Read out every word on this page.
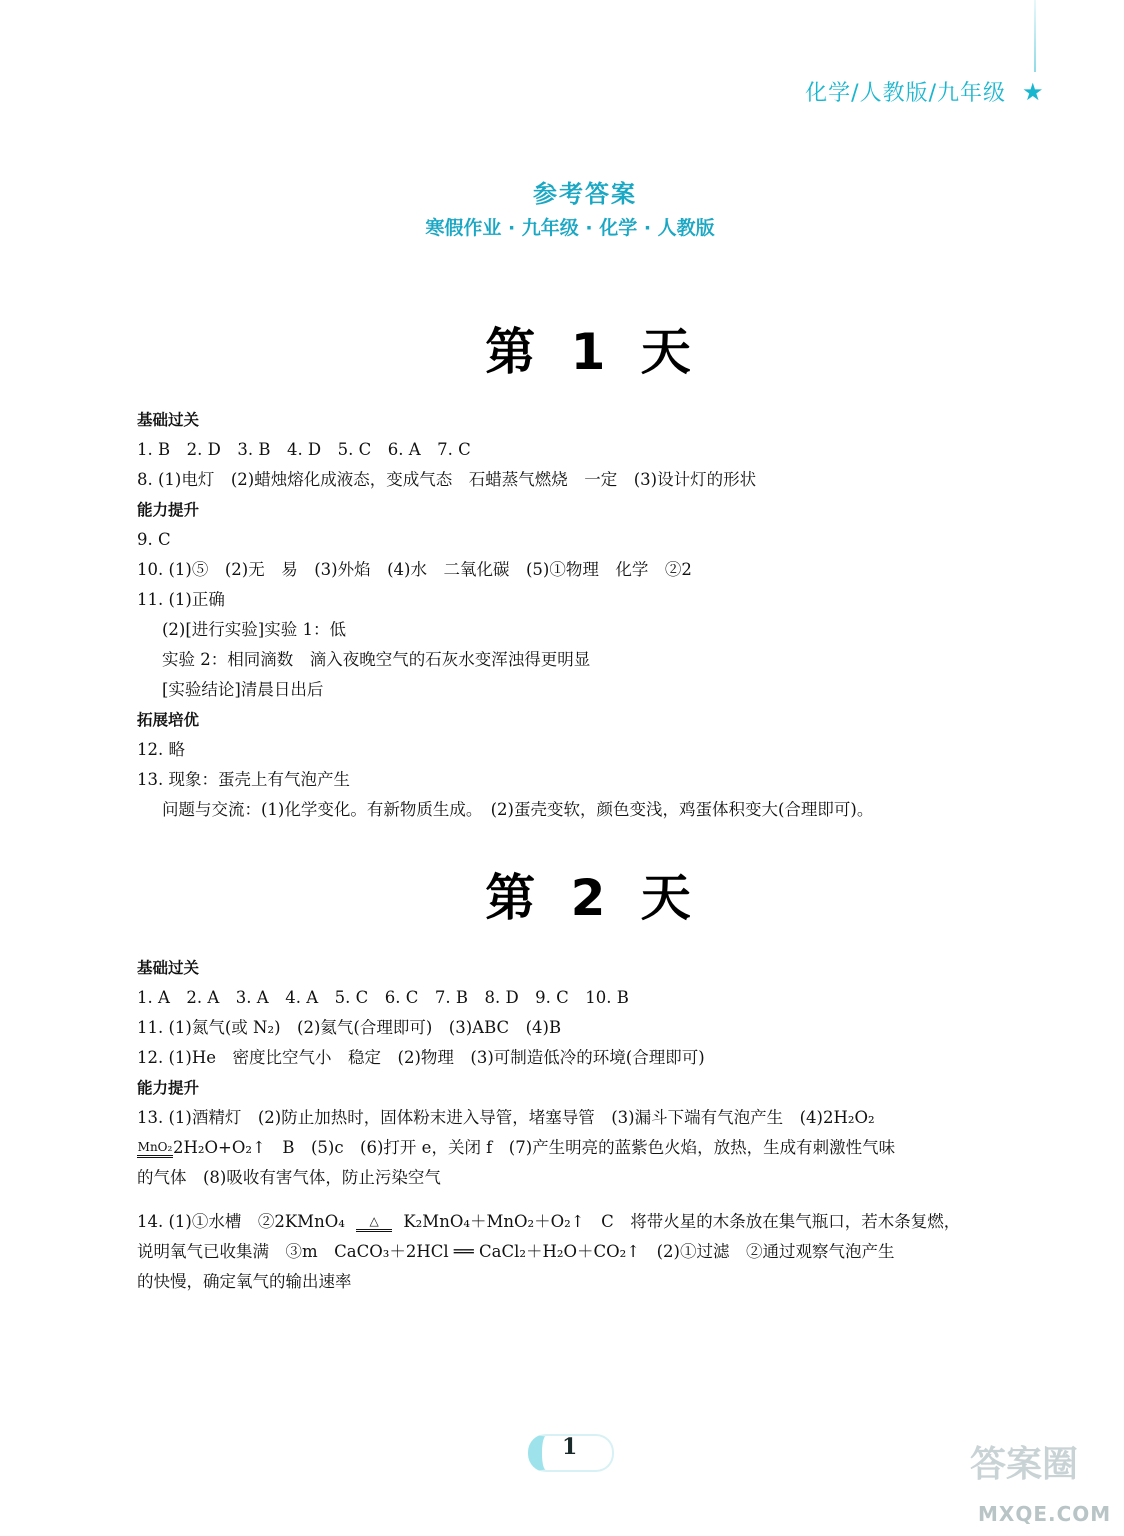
化学/人教版/九年级 ★
参考答案
寒假作业 · 九年级 · 化学 · 人教版
第 1 天
基础过关
1. B　2. D　3. B　4. D　5. C　6. A　7. C
8. (1)电灯　(2)蜡烛熔化成液态，变成气态　石蜡蒸气燃烧　一定　(3)设计灯的形状
能力提升
9. C
10. (1)⑤　(2)无　易　(3)外焰　(4)水　二氧化碳　(5)①物理　化学　②2
11. (1)正确
(2)[进行实验]实验 1：低
实验 2：相同滴数　滴入夜晚空气的石灰水变浑浊得更明显
[实验结论]清晨日出后
拓展培优
12. 略
13. 现象：蛋壳上有气泡产生
问题与交流：(1)化学变化。有新物质生成。　(2)蛋壳变软，颜色变浅，鸡蛋体积变大(合理即可)。
第 2 天
基础过关
1. A　2. A　3. A　4. A　5. C　6. C　7. B　8. D　9. C　10. B
11. (1)氮气(或 N₂)　(2)氦气(合理即可)　(3)ABC　(4)B
12. (1)He　密度比空气小　稳定　(2)物理　(3)可制造低冷的环境(合理即可)
能力提升
13. (1)酒精灯　(2)防止加热时，固体粉末进入导管，堵塞导管　(3)漏斗下端有气泡产生　(4)2H₂O₂
MnO₂2H₂O+O₂↑　B　(5)c　(6)打开 e，关闭 f　(7)产生明亮的蓝紫色火焰，放热，生成有刺激性气味
的气体　(8)吸收有害气体，防止污染空气
14. (1)①水槽　②2KMnO₄ △ K₂MnO₄＋MnO₂＋O₂↑　C　将带火星的木条放在集气瓶口，若木条复燃，
说明氧气已收集满　③m　CaCO₃＋2HCl ══ CaCl₂＋H₂O＋CO₂↑　(2)①过滤　②通过观察气泡产生
的快慢，确定氧气的输出速率
1	答案圈
MXQE.COM
